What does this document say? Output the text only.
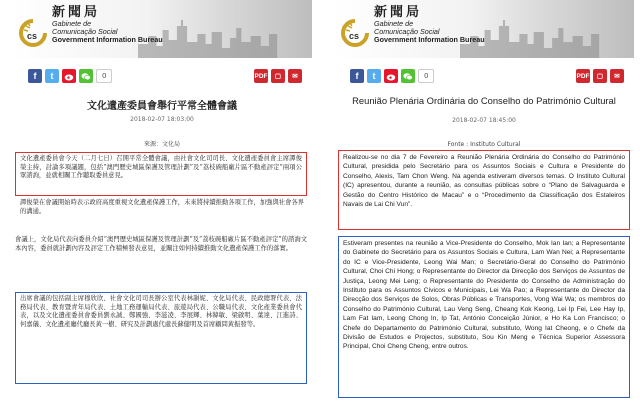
cs
新聞局
Gabinete de
Comunicação Social
Government Information Bureau
f	t	0	PDF	▢	✉
文化遺產委員會舉行平常全體會議
2018-02-07 18:03:00
來源：文化局

文化遺產委員會今天（二月七日）召開平常全體會議，由社會文化司司長、文化遺產委員會主席譚俊榮主持，討論多項議題，包括“澳門歷史城區保護及管理計劃”及“荔枝碗船廠片區不動產評定”兩項公眾諮詢，並就相關工作聽取委員意見。

譚俊榮在會議開始時表示政府高度重視文化遺產保護工作，未來將持續推動各項工作，加強與社會各界的溝通。

會議上，文化局代表向委員介紹“澳門歷史城區保護及管理計劃”及“荔枝碗船廠片區不動產評定”的諮詢文本內容，委員就計劃內容及評定工作積極發表意見，並關注如何持續推動文化遺產保護工作的落實。

出席會議的包括副主席穆欣欣、社會文化司司長辦公室代表林韻妮、文化局代表、民政總署代表、法務局代表、教育暨青年局代表、土地工務運輸局代表、旅遊局代表、公職局代表、文化產業委員會代表，以及文化遺產委員會委員劉永誠、鄭國強、李滋凌、李展輝、林韓敏、梁啟明、葉達、江進詩、何嘉儀、文化遺產廳代廳長黃一樹、研究及計劃處代處長蘇健明及首席顧問黃振發等。

cs
新聞局
Gabinete de
Comunicação Social
Government Information Bureau
f	t	0	PDF	▢	✉
Reunião Plenária Ordinária do Conselho do Património Cultural
2018-02-07 18:45:00
Fonte : Instituto Cultural

Realizou-se no dia 7 de Fevereiro a Reunião Plenária Ordinária do Conselho do Património Cultural, presidida pelo Secretário para os Assuntos Sociais e Cultura e Presidente do Conselho, Alexis, Tam Chon Weng. Na agenda estiveram diversos temas. O Instituto Cultural (IC) apresentou, durante a reunião, as consultas públicas sobre o “Plano de Salvaguarda e Gestão do Centro Histórico de Macau” e o “Procedimento da Classificação dos Estaleiros Navais de Lai Chi Vun”.

Estiveram presentes na reunião a Vice-Presidente do Conselho, Mok Ian Ian; a Representante do Gabinete do Secretário para os Assuntos Sociais e Cultura, Lam Wan Nei; a Representante do IC e Vice-Presidente, Leong Wai Man; o Secretário-Geral do Conselho do Património Cultural, Choi Chi Hong; o Representante do Director da Direcção dos Serviços de Assuntos de Justiça, Leong Mei Leng; o Representante do Presidente do Conselho de Administração do Instituto para os Assuntos Cívicos e Municipais, Lei Wa Pao; a Representante do Director da Direcção dos Serviços de Solos, Obras Públicas e Transportes, Vong Wai Wa; os membros do Conselho do Património Cultural, Lau Veng Seng, Cheang Kok Keong, Lei Ip Fei, Lee Hay Ip, Lam Fat Iam, Leong Chong In, Ip Tat, António Conceição Júnior, e Ho Ka Lon Francisco; o Chefe do Departamento do Património Cultural, substituto, Wong Iat Cheong, e o Chefe da Divisão de Estudos e Projectos, substituto, Sou Kin Meng e Técnica Superior Assessora Principal, Choi Cheng Cheng, entre outros.
